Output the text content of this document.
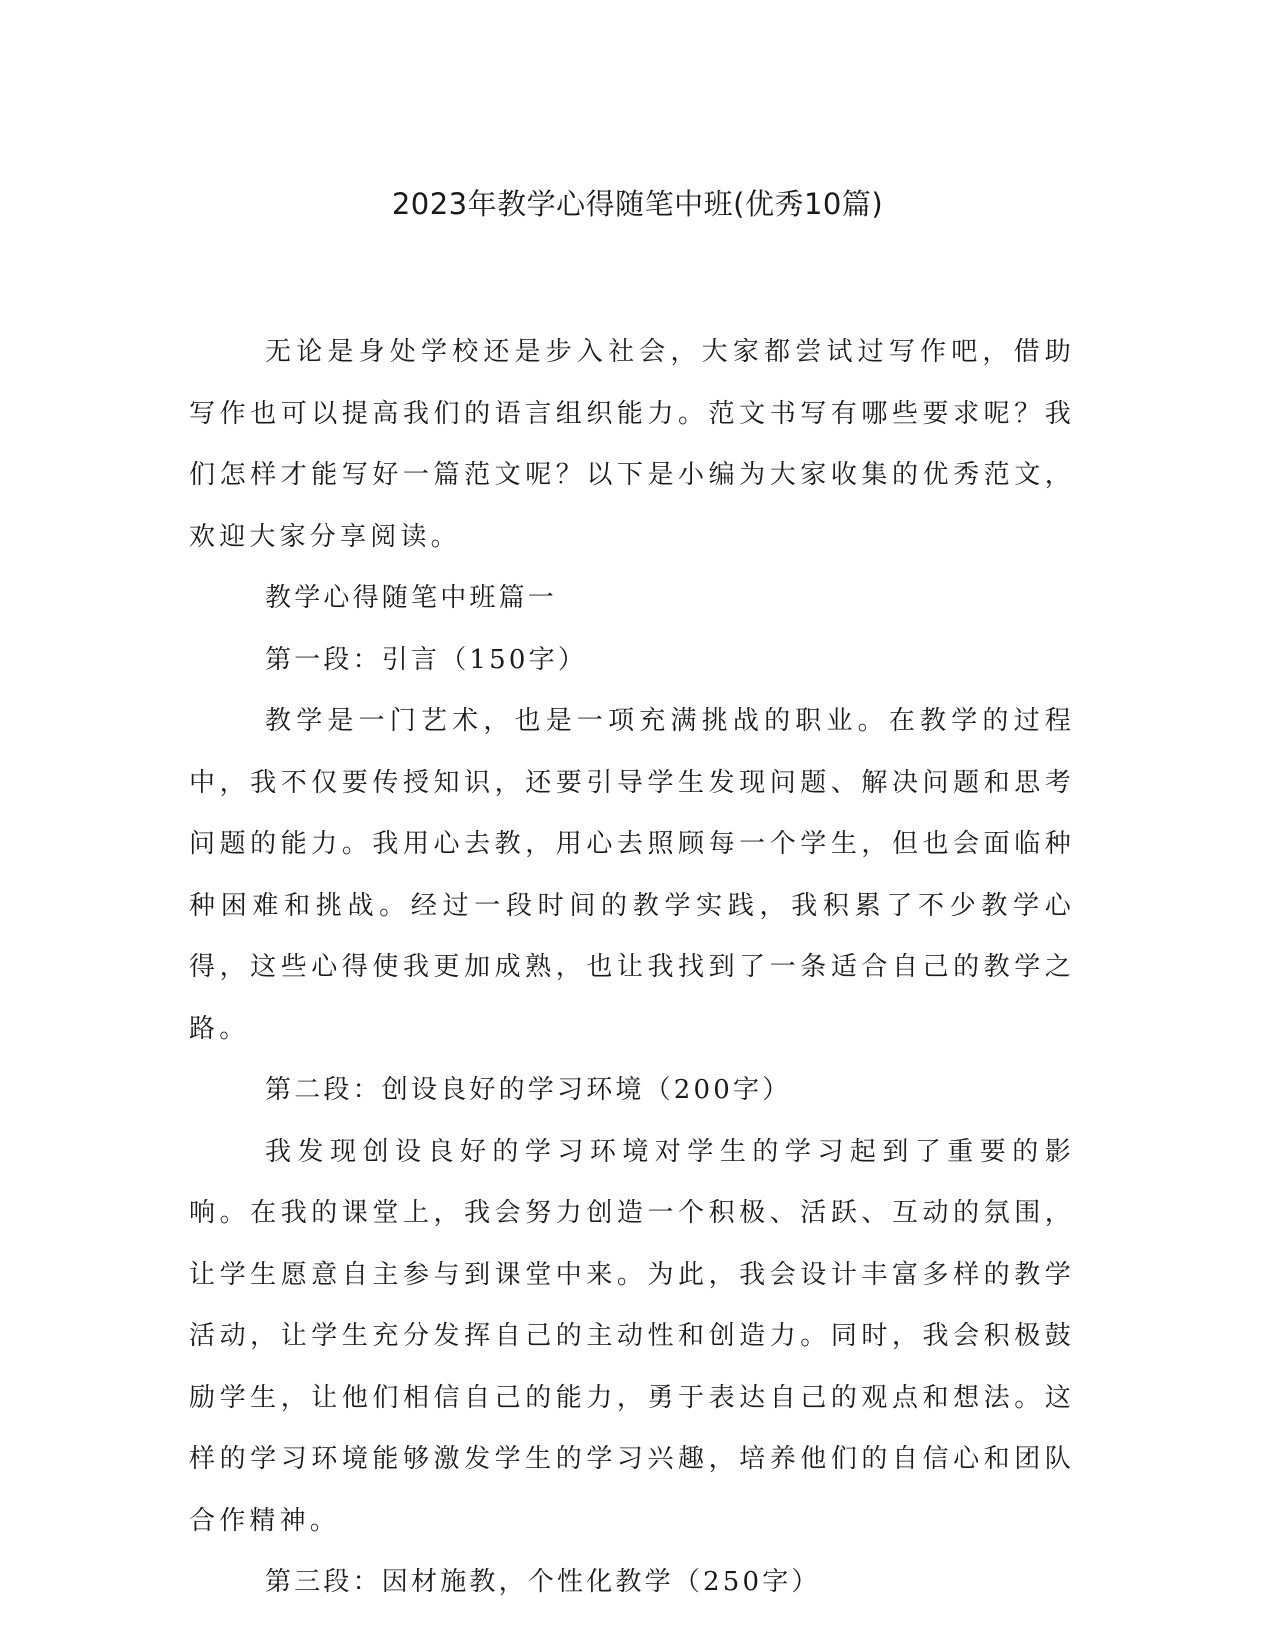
2023年教学心得随笔中班(优秀10篇)

无论是身处学校还是步入社会，大家都尝试过写作吧，借助写作也可以提高我们的语言组织能力。范文书写有哪些要求呢？我们怎样才能写好一篇范文呢？以下是小编为大家收集的优秀范文，欢迎大家分享阅读。

教学心得随笔中班篇一

第一段：引言（150字）

教学是一门艺术，也是一项充满挑战的职业。在教学的过程中，我不仅要传授知识，还要引导学生发现问题、解决问题和思考问题的能力。我用心去教，用心去照顾每一个学生，但也会面临种种困难和挑战。经过一段时间的教学实践，我积累了不少教学心得，这些心得使我更加成熟，也让我找到了一条适合自己的教学之路。

第二段：创设良好的学习环境（200字）

我发现创设良好的学习环境对学生的学习起到了重要的影响。在我的课堂上，我会努力创造一个积极、活跃、互动的氛围，让学生愿意自主参与到课堂中来。为此，我会设计丰富多样的教学活动，让学生充分发挥自己的主动性和创造力。同时，我会积极鼓励学生，让他们相信自己的能力，勇于表达自己的观点和想法。这样的学习环境能够激发学生的学习兴趣，培养他们的自信心和团队合作精神。

第三段：因材施教，个性化教学（250字）
